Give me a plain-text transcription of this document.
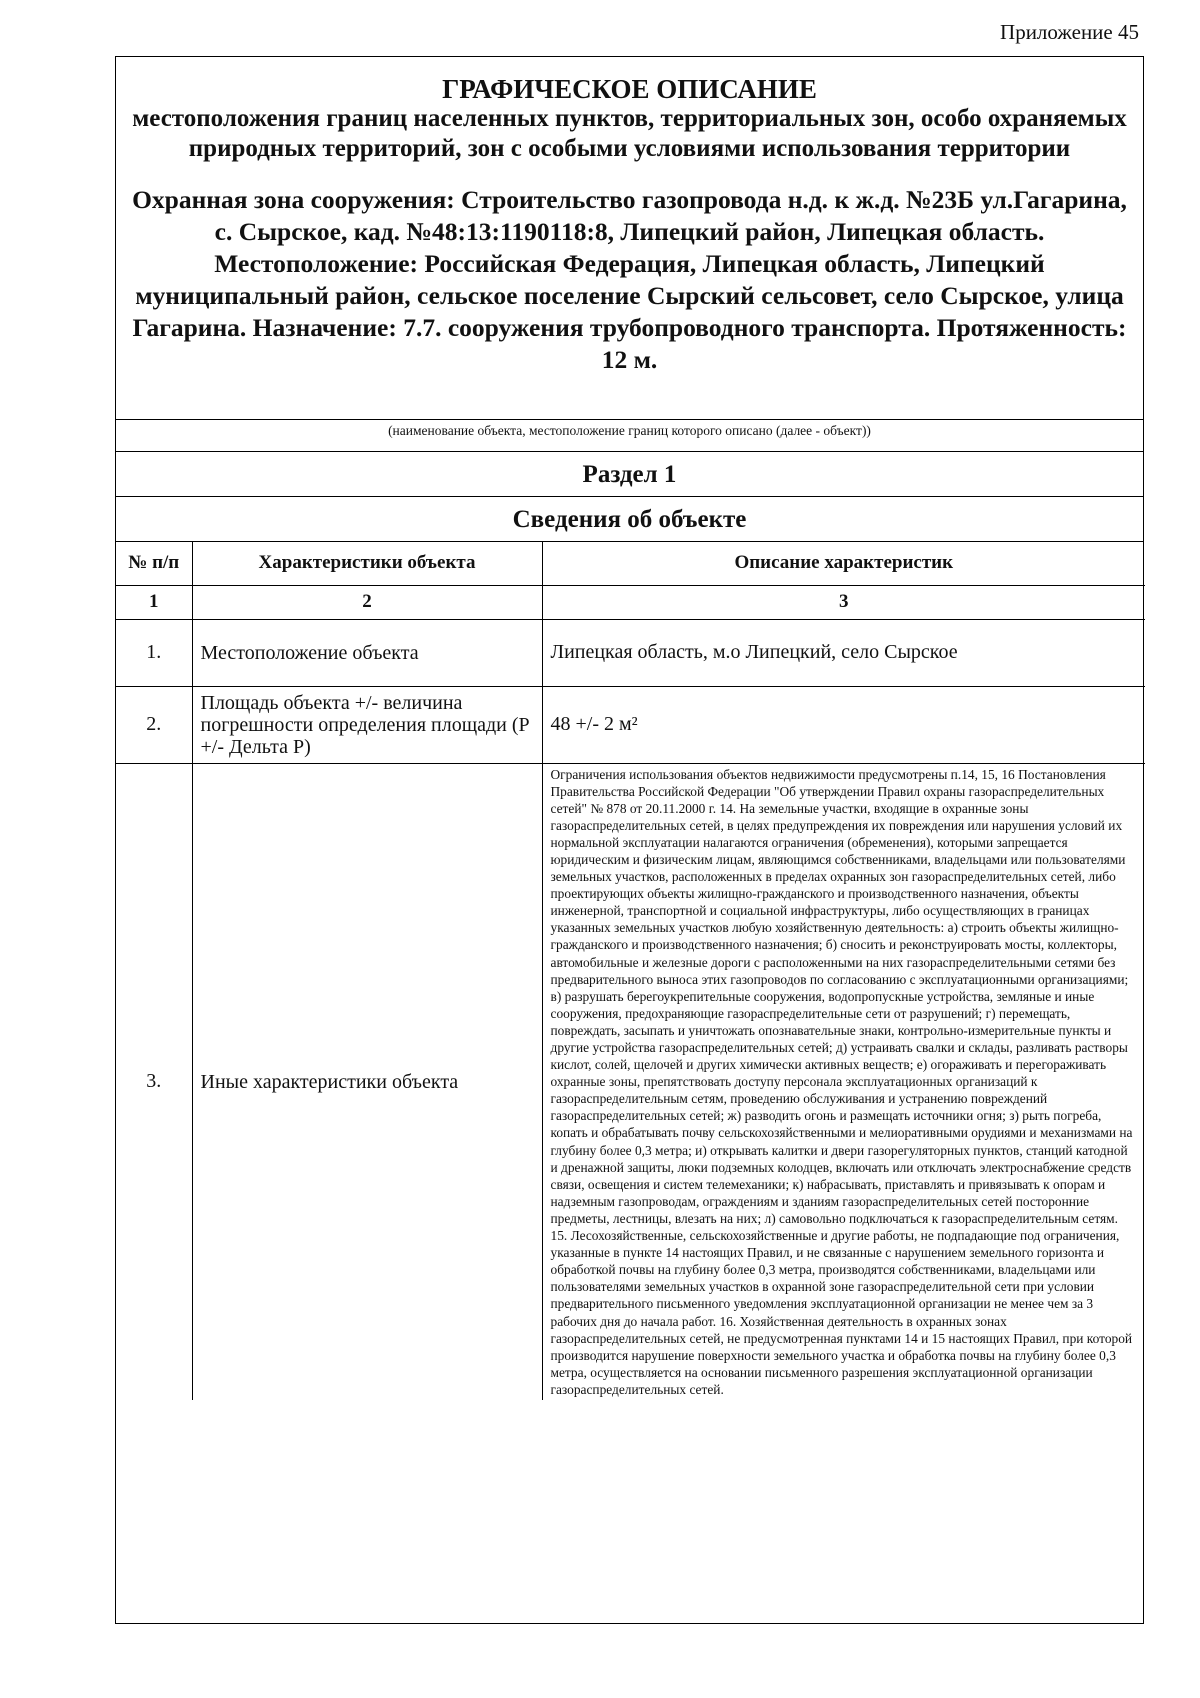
Приложение 45
ГРАФИЧЕСКОЕ ОПИСАНИЕ
местоположения границ населенных пунктов, территориальных зон, особо охраняемых природных территорий, зон с особыми условиями использования территории
Охранная зона сооружения: Строительство газопровода н.д. к ж.д. №23Б ул.Гагарина, с. Сырское, кад. №48:13:1190118:8, Липецкий район, Липецкая область. Местоположение: Российская Федерация, Липецкая область, Липецкий муниципальный район, сельское поселение Сырский сельсовет, село Сырское, улица Гагарина. Назначение: 7.7. сооружения трубопроводного транспорта. Протяженность: 12 м.
(наименование объекта, местоположение границ которого описано (далее - объект))
Раздел 1
Сведения об объекте
№ п/п	Характеристики объекта	Описание характеристик
1	2	3
1.	Местоположение объекта	Липецкая область, м.о Липецкий, село Сырское
2.	Площадь объекта +/- величина погрешности определения площади (Р +/- Дельта Р)	48 +/- 2 м²
3.	Иные характеристики объекта	Ограничения использования объектов недвижимости предусмотрены п.14, 15, 16 Постановления Правительства Российской Федерации "Об утверждении Правил охраны газораспределительных сетей" № 878 от 20.11.2000 г. 14. На земельные участки, входящие в охранные зоны газораспределительных сетей, в целях предупреждения их повреждения или нарушения условий их нормальной эксплуатации налагаются ограничения (обременения), которыми запрещается юридическим и физическим лицам, являющимся собственниками, владельцами или пользователями земельных участков, расположенных в пределах охранных зон газораспределительных сетей, либо проектирующих объекты жилищно-гражданского и производственного назначения, объекты инженерной, транспортной и социальной инфраструктуры, либо осуществляющих в границах указанных земельных участков любую хозяйственную деятельность: а) строить объекты жилищно-гражданского и производственного назначения; б) сносить и реконструировать мосты, коллекторы, автомобильные и железные дороги с расположенными на них газораспределительными сетями без предварительного выноса этих газопроводов по согласованию с эксплуатационными организациями; в) разрушать берегоукрепительные сооружения, водопропускные устройства, земляные и иные сооружения, предохраняющие газораспределительные сети от разрушений; г) перемещать, повреждать, засыпать и уничтожать опознавательные знаки, контрольно-измерительные пункты и другие устройства газораспределительных сетей; д) устраивать свалки и склады, разливать растворы кислот, солей, щелочей и других химически активных веществ; е) огораживать и перегораживать охранные зоны, препятствовать доступу персонала эксплуатационных организаций к газораспределительным сетям, проведению обслуживания и устранению повреждений газораспределительных сетей; ж) разводить огонь и размещать источники огня; з) рыть погреба, копать и обрабатывать почву сельскохозяйственными и мелиоративными орудиями и механизмами на глубину более 0,3 метра; и) открывать калитки и двери газорегуляторных пунктов, станций катодной и дренажной защиты, люки подземных колодцев, включать или отключать электроснабжение средств связи, освещения и систем телемеханики; к) набрасывать, приставлять и привязывать к опорам и надземным газопроводам, ограждениям и зданиям газораспределительных сетей посторонние предметы, лестницы, влезать на них; л) самовольно подключаться к газораспределительным сетям. 15. Лесохозяйственные, сельскохозяйственные и другие работы, не подпадающие под ограничения, указанные в пункте 14 настоящих Правил, и не связанные с нарушением земельного горизонта и обработкой почвы на глубину более 0,3 метра, производятся собственниками, владельцами или пользователями земельных участков в охранной зоне газораспределительной сети при условии предварительного письменного уведомления эксплуатационной организации не менее чем за 3 рабочих дня до начала работ. 16. Хозяйственная деятельность в охранных зонах газораспределительных сетей, не предусмотренная пунктами 14 и 15 настоящих Правил, при которой производится нарушение поверхности земельного участка и обработка почвы на глубину более 0,3 метра, осуществляется на основании письменного разрешения эксплуатационной организации газораспределительных сетей.
